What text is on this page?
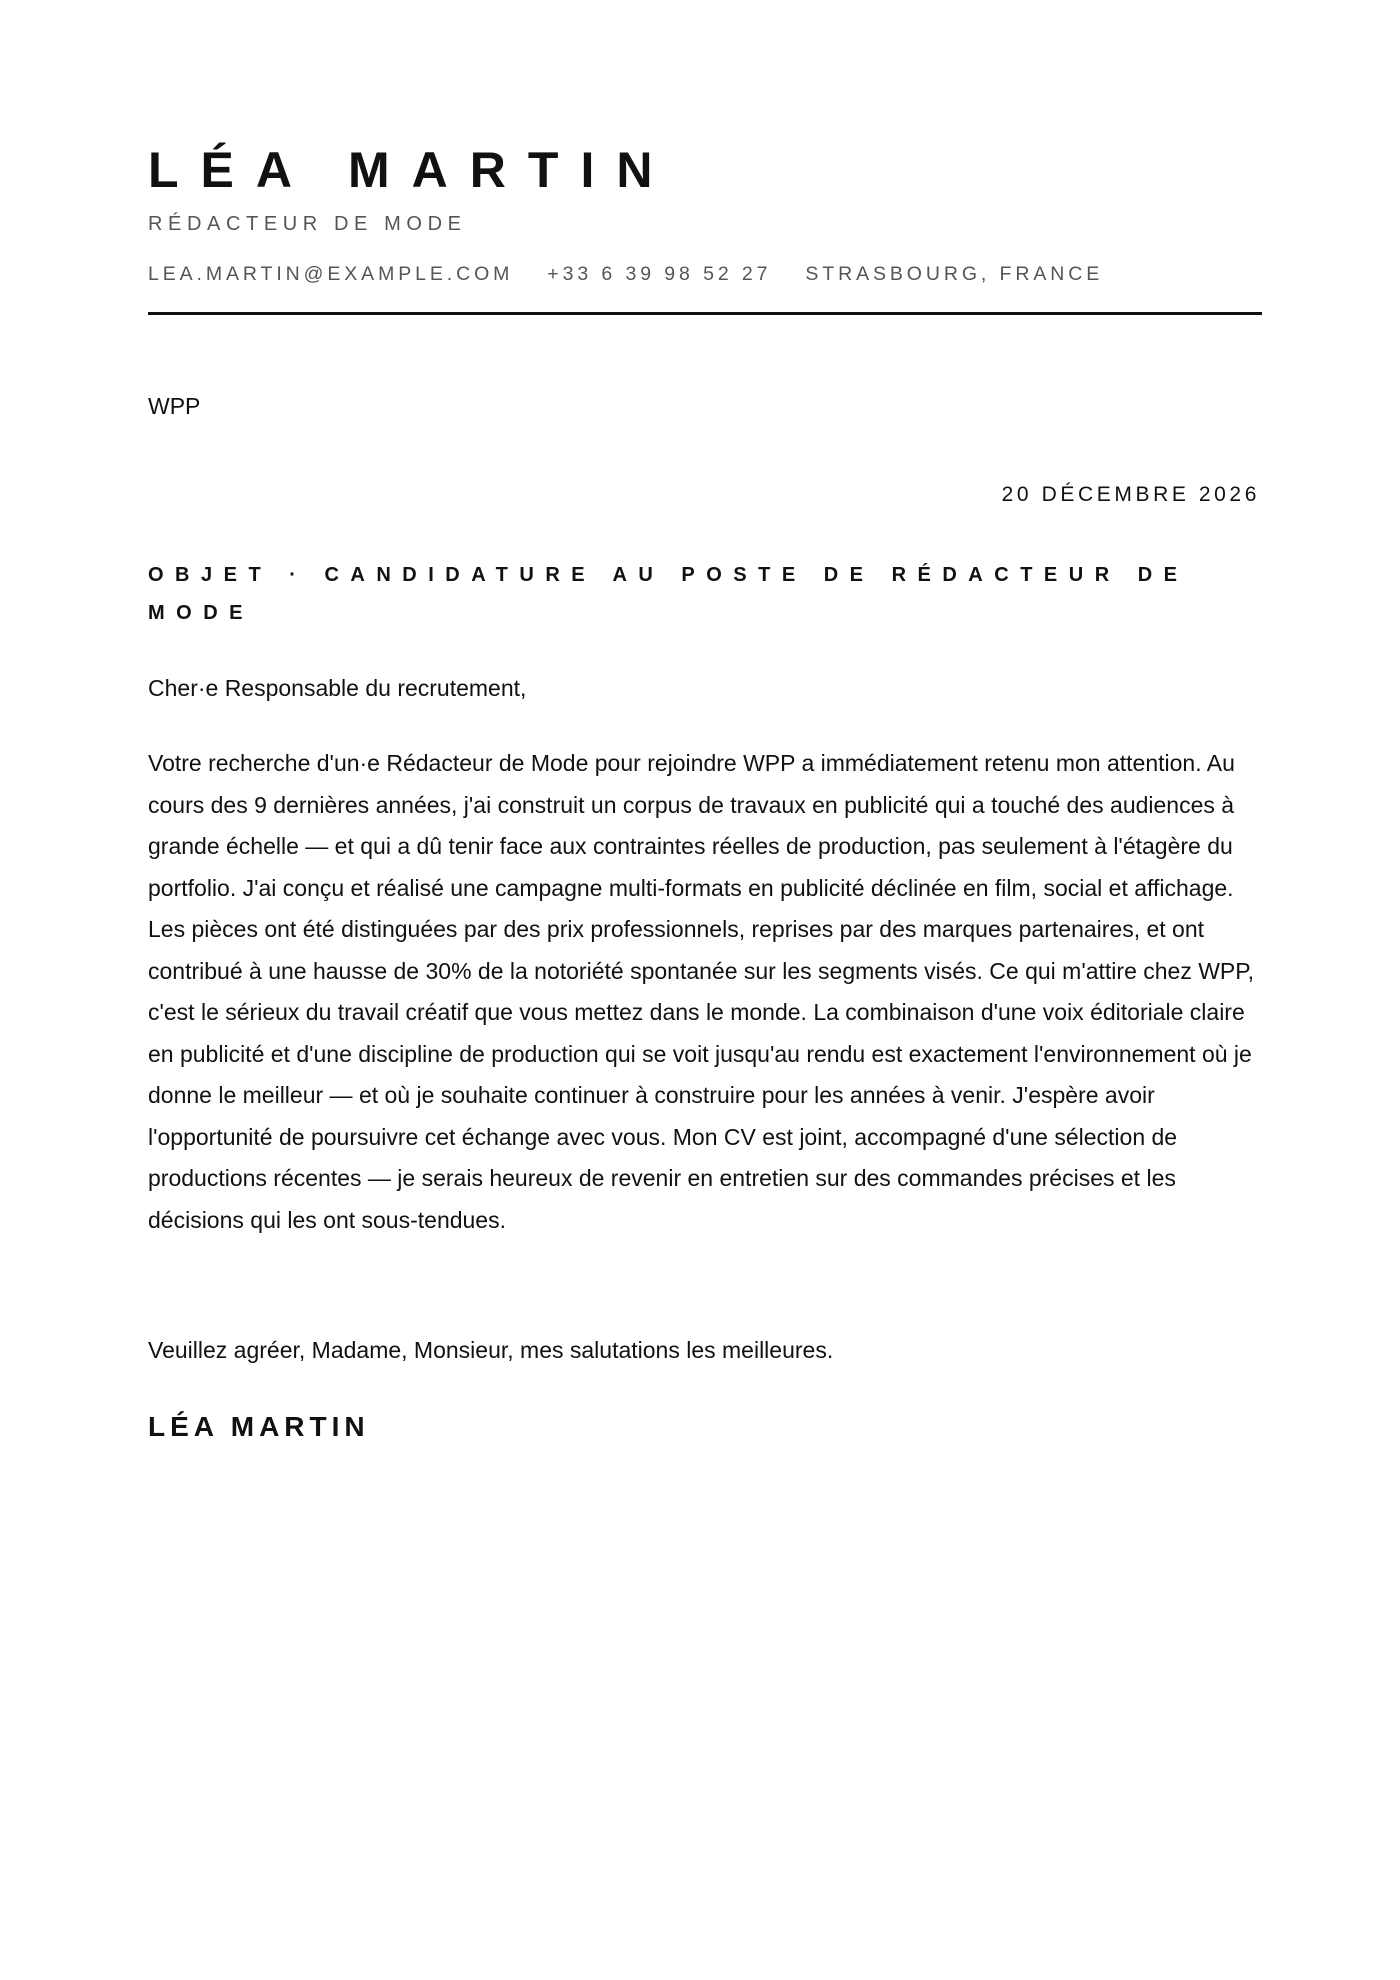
LÉA MARTIN
RÉDACTEUR DE MODE
LEA.MARTIN@EXAMPLE.COM +33 6 39 98 52 27 STRASBOURG, FRANCE
WPP
20 DÉCEMBRE 2026
OBJET · CANDIDATURE AU POSTE DE RÉDACTEUR DE MODE
Cher·e Responsable du recrutement,
Votre recherche d'un·e Rédacteur de Mode pour rejoindre WPP a immédiatement retenu mon attention. Au cours des 9 dernières années, j'ai construit un corpus de travaux en publicité qui a touché des audiences à grande échelle — et qui a dû tenir face aux contraintes réelles de production, pas seulement à l'étagère du portfolio. J'ai conçu et réalisé une campagne multi-formats en publicité déclinée en film, social et affichage. Les pièces ont été distinguées par des prix professionnels, reprises par des marques partenaires, et ont contribué à une hausse de 30% de la notoriété spontanée sur les segments visés. Ce qui m'attire chez WPP, c'est le sérieux du travail créatif que vous mettez dans le monde. La combinaison d'une voix éditoriale claire en publicité et d'une discipline de production qui se voit jusqu'au rendu est exactement l'environnement où je donne le meilleur — et où je souhaite continuer à construire pour les années à venir. J'espère avoir l'opportunité de poursuivre cet échange avec vous. Mon CV est joint, accompagné d'une sélection de productions récentes — je serais heureux de revenir en entretien sur des commandes précises et les décisions qui les ont sous-tendues.
Veuillez agréer, Madame, Monsieur, mes salutations les meilleures.
LÉA MARTIN
